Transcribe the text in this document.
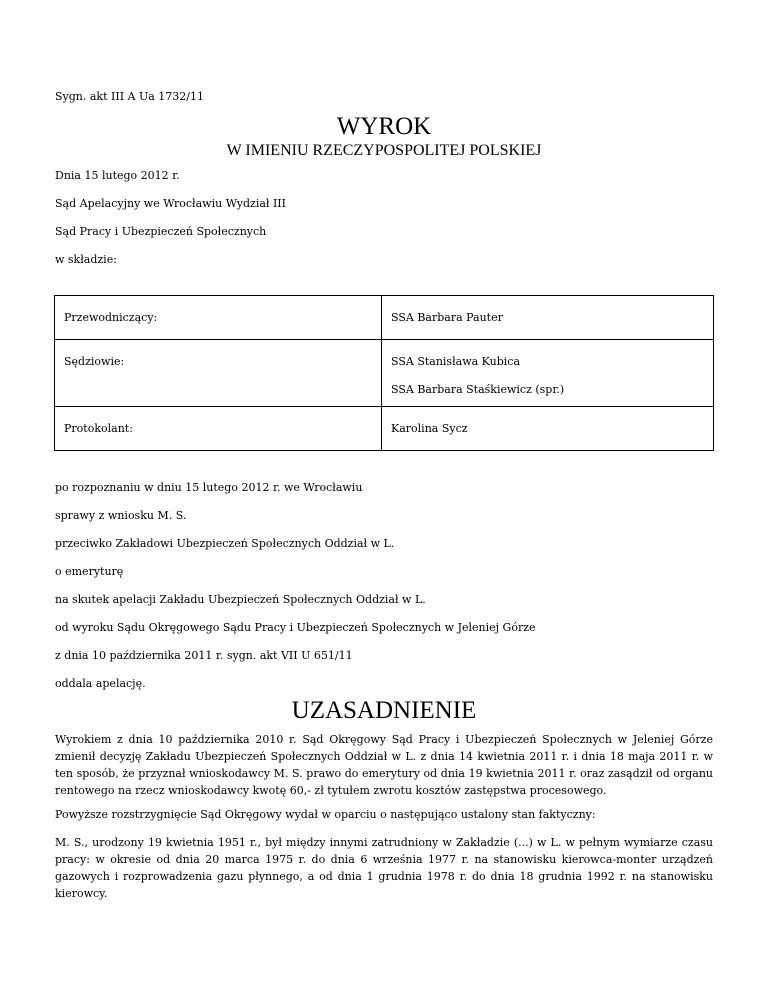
Sygn. akt III A Ua 1732/11
WYROK
W IMIENIU RZECZYPOSPOLITEJ POLSKIEJ
Dnia 15 lutego 2012 r.
Sąd Apelacyjny we Wrocławiu Wydział III
Sąd Pracy i Ubezpieczeń Społecznych
w składzie:
Przewodniczący:	SSA Barbara Pauter

Sędziowie:	SSA Stanisława Kubica
SSA Barbara Staśkiewicz (spr.)

Protokolant:	Karolina Sycz
po rozpoznaniu w dniu 15 lutego 2012 r. we Wrocławiu
sprawy z wniosku M. S.
przeciwko Zakładowi Ubezpieczeń Społecznych Oddział w L.
o emeryturę
na skutek apelacji Zakładu Ubezpieczeń Społecznych Oddział w L.
od wyroku Sądu Okręgowego Sądu Pracy i Ubezpieczeń Społecznych w Jeleniej Górze
z dnia 10 października 2011 r. sygn. akt VII U 651/11
oddala apelację.
UZASADNIENIE
Wyrokiem z dnia 10 października 2010 r. Sąd Okręgowy Sąd Pracy i Ubezpieczeń Społecznych w Jeleniej Górze zmienił decyzję Zakładu Ubezpieczeń Społecznych Oddział w L. z dnia 14 kwietnia 2011 r. i dnia 18 maja 2011 r. w ten sposób, że przyznał wnioskodawcy M. S. prawo do emerytury od dnia 19 kwietnia 2011 r. oraz zasądził od organu rentowego na rzecz wnioskodawcy kwotę 60,- zł tytułem zwrotu kosztów zastępstwa procesowego.
Powyższe rozstrzygnięcie Sąd Okręgowy wydał w oparciu o następująco ustalony stan faktyczny:
M. S., urodzony 19 kwietnia 1951 r., był między innymi zatrudniony w Zakładzie (...) w L. w pełnym wymiarze czasu pracy: w okresie od dnia 20 marca 1975 r. do dnia 6 września 1977 r. na stanowisku kierowca-monter urządzeń gazowych i rozprowadzenia gazu płynnego, a od dnia 1 grudnia 1978 r. do dnia 18 grudnia 1992 r. na stanowisku kierowcy.
